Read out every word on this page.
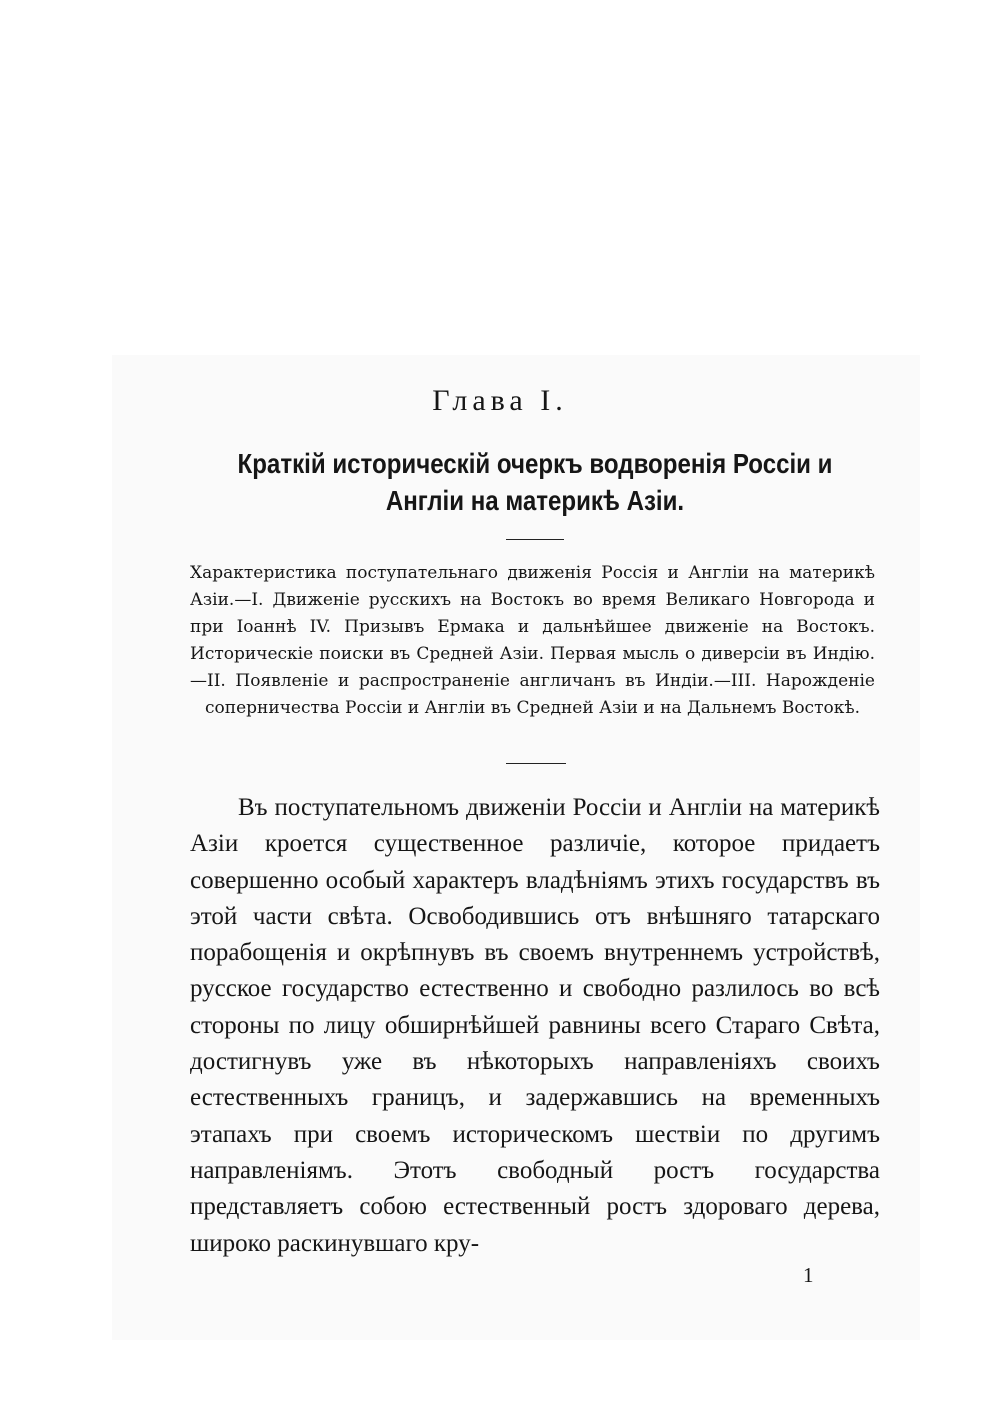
Глава I.
Краткій историческій очеркъ водворенія Россіи и Англіи на материкѣ Азіи.
Характеристика поступательнаго движенія Россія и Англіи на материкѣ Азіи.—I. Движеніе русскихъ на Востокъ во время Великаго Новгорода и при Іоаннѣ IV. Призывъ Ермака и дальнѣйшее движеніе на Востокъ. Историческіе поиски въ Средней Азіи. Первая мысль о диверсіи въ Индію.—II. Появленіе и распространеніе англичанъ въ Индіи.—III. Нарожденіе соперничества Россіи и Англіи въ Средней Азіи и на Дальнемъ Востокѣ.
Въ поступательномъ движеніи Россіи и Англіи на материкѣ Азіи кроется существенное различіе, которое придаетъ совершенно особый характеръ владѣніямъ этихъ государствъ въ этой части свѣта. Освободившись отъ внѣшняго татарскаго порабощенія и окрѣпнувъ въ своемъ внутреннемъ устройствѣ, русское государство естественно и свободно разлилось во всѣ стороны по лицу обширнѣйшей равнины всего Стараго Свѣта, достигнувъ уже въ нѣкоторыхъ направленіяхъ своихъ естественныхъ границъ, и задержавшись на временныхъ этапахъ при своемъ историческомъ шествіи по другимъ направленіямъ. Этотъ свободный ростъ государства представляетъ собою естественный ростъ здороваго дерева, широко раскинувшаго кру-
1
